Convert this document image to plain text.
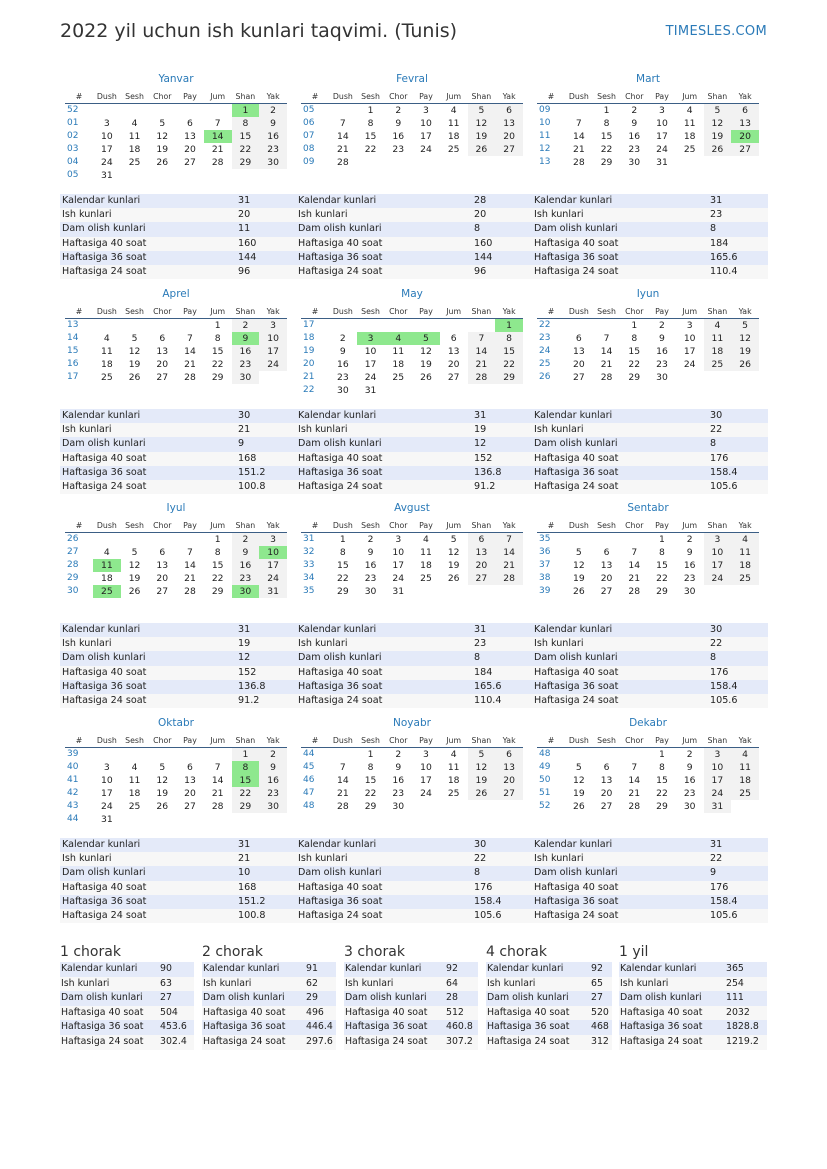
2022 yil uchun ish kunlari taqvimi. (Tunis)	TIMESLES.COM
Yanvar
#	Dush	Sesh	Chor	Pay	Jum	Shan	Yak
52						1	2
01	3	4	5	6	7	8	9
02	10	11	12	13	14	15	16
03	17	18	19	20	21	22	23
04	24	25	26	27	28	29	30
05	31						
Kalendar kunlari	31
Ish kunlari	20
Dam olish kunlari	11
Haftasiga 40 soat	160
Haftasiga 36 soat	144
Haftasiga 24 soat	96
Fevral
#	Dush	Sesh	Chor	Pay	Jum	Shan	Yak
05		1	2	3	4	5	6
06	7	8	9	10	11	12	13
07	14	15	16	17	18	19	20
08	21	22	23	24	25	26	27
09	28						
Kalendar kunlari	28
Ish kunlari	20
Dam olish kunlari	8
Haftasiga 40 soat	160
Haftasiga 36 soat	144
Haftasiga 24 soat	96
Mart
#	Dush	Sesh	Chor	Pay	Jum	Shan	Yak
09		1	2	3	4	5	6
10	7	8	9	10	11	12	13
11	14	15	16	17	18	19	20
12	21	22	23	24	25	26	27
13	28	29	30	31			
Kalendar kunlari	31
Ish kunlari	23
Dam olish kunlari	8
Haftasiga 40 soat	184
Haftasiga 36 soat	165.6
Haftasiga 24 soat	110.4
Aprel
#	Dush	Sesh	Chor	Pay	Jum	Shan	Yak
13					1	2	3
14	4	5	6	7	8	9	10
15	11	12	13	14	15	16	17
16	18	19	20	21	22	23	24
17	25	26	27	28	29	30	
Kalendar kunlari	30
Ish kunlari	21
Dam olish kunlari	9
Haftasiga 40 soat	168
Haftasiga 36 soat	151.2
Haftasiga 24 soat	100.8
May
#	Dush	Sesh	Chor	Pay	Jum	Shan	Yak
17							1
18	2	3	4	5	6	7	8
19	9	10	11	12	13	14	15
20	16	17	18	19	20	21	22
21	23	24	25	26	27	28	29
22	30	31					
Kalendar kunlari	31
Ish kunlari	19
Dam olish kunlari	12
Haftasiga 40 soat	152
Haftasiga 36 soat	136.8
Haftasiga 24 soat	91.2
Iyun
#	Dush	Sesh	Chor	Pay	Jum	Shan	Yak
22			1	2	3	4	5
23	6	7	8	9	10	11	12
24	13	14	15	16	17	18	19
25	20	21	22	23	24	25	26
26	27	28	29	30			
Kalendar kunlari	30
Ish kunlari	22
Dam olish kunlari	8
Haftasiga 40 soat	176
Haftasiga 36 soat	158.4
Haftasiga 24 soat	105.6
Iyul
#	Dush	Sesh	Chor	Pay	Jum	Shan	Yak
26					1	2	3
27	4	5	6	7	8	9	10
28	11	12	13	14	15	16	17
29	18	19	20	21	22	23	24
30	25	26	27	28	29	30	31
Kalendar kunlari	31
Ish kunlari	19
Dam olish kunlari	12
Haftasiga 40 soat	152
Haftasiga 36 soat	136.8
Haftasiga 24 soat	91.2
Avgust
#	Dush	Sesh	Chor	Pay	Jum	Shan	Yak
31	1	2	3	4	5	6	7
32	8	9	10	11	12	13	14
33	15	16	17	18	19	20	21
34	22	23	24	25	26	27	28
35	29	30	31				
Kalendar kunlari	31
Ish kunlari	23
Dam olish kunlari	8
Haftasiga 40 soat	184
Haftasiga 36 soat	165.6
Haftasiga 24 soat	110.4
Sentabr
#	Dush	Sesh	Chor	Pay	Jum	Shan	Yak
35				1	2	3	4
36	5	6	7	8	9	10	11
37	12	13	14	15	16	17	18
38	19	20	21	22	23	24	25
39	26	27	28	29	30		
Kalendar kunlari	30
Ish kunlari	22
Dam olish kunlari	8
Haftasiga 40 soat	176
Haftasiga 36 soat	158.4
Haftasiga 24 soat	105.6
Oktabr
#	Dush	Sesh	Chor	Pay	Jum	Shan	Yak
39						1	2
40	3	4	5	6	7	8	9
41	10	11	12	13	14	15	16
42	17	18	19	20	21	22	23
43	24	25	26	27	28	29	30
44	31						
Kalendar kunlari	31
Ish kunlari	21
Dam olish kunlari	10
Haftasiga 40 soat	168
Haftasiga 36 soat	151.2
Haftasiga 24 soat	100.8
Noyabr
#	Dush	Sesh	Chor	Pay	Jum	Shan	Yak
44		1	2	3	4	5	6
45	7	8	9	10	11	12	13
46	14	15	16	17	18	19	20
47	21	22	23	24	25	26	27
48	28	29	30				
Kalendar kunlari	30
Ish kunlari	22
Dam olish kunlari	8
Haftasiga 40 soat	176
Haftasiga 36 soat	158.4
Haftasiga 24 soat	105.6
Dekabr
#	Dush	Sesh	Chor	Pay	Jum	Shan	Yak
48				1	2	3	4
49	5	6	7	8	9	10	11
50	12	13	14	15	16	17	18
51	19	20	21	22	23	24	25
52	26	27	28	29	30	31	
Kalendar kunlari	31
Ish kunlari	22
Dam olish kunlari	9
Haftasiga 40 soat	176
Haftasiga 36 soat	158.4
Haftasiga 24 soat	105.6
1 chorak
Kalendar kunlari	90
Ish kunlari	63
Dam olish kunlari	27
Haftasiga 40 soat	504
Haftasiga 36 soat	453.6
Haftasiga 24 soat	302.4
2 chorak
Kalendar kunlari	91
Ish kunlari	62
Dam olish kunlari	29
Haftasiga 40 soat	496
Haftasiga 36 soat	446.4
Haftasiga 24 soat	297.6
3 chorak
Kalendar kunlari	92
Ish kunlari	64
Dam olish kunlari	28
Haftasiga 40 soat	512
Haftasiga 36 soat	460.8
Haftasiga 24 soat	307.2
4 chorak
Kalendar kunlari	92
Ish kunlari	65
Dam olish kunlari	27
Haftasiga 40 soat	520
Haftasiga 36 soat	468
Haftasiga 24 soat	312
1 yil
Kalendar kunlari	365
Ish kunlari	254
Dam olish kunlari	111
Haftasiga 40 soat	2032
Haftasiga 36 soat	1828.8
Haftasiga 24 soat	1219.2
